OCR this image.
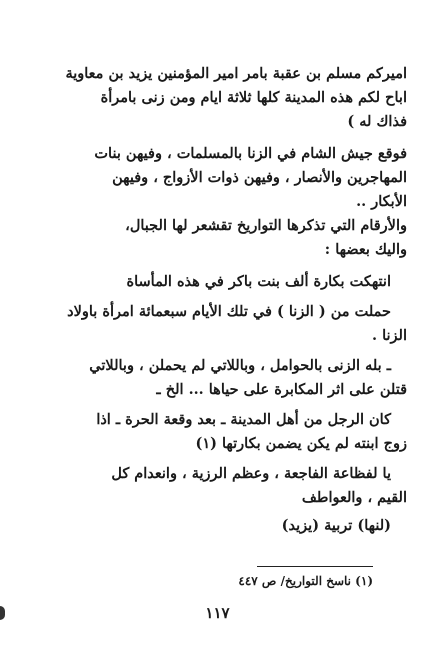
اميركم مسلم بن عقبة بامر امير المؤمنين يزيد بن معاوية
اباح لكم هذه المدينة كلها ثلاثة ايام ومن زنى بامرأة
فذاك له )
فوقع جيش الشام في الزنا بالمسلمات ، وفيهن بنات
المهاجرين والأنصار ، وفيهن ذوات الأزواج ، وفيهن
الأبكار ..
والأرقام التي تذكرها التواريخ تقشعر لها الجبال،
واليك بعضها :
انتهكت بكارة ألف بنت باكر في هذه المأساة
حملت من ( الزنا ) في تلك الأيام سبعمائة امرأة باولاد
الزنا .
ـ بله الزنى بالحوامل ، وباللاتي لم يحملن ، وباللاتي
قتلن على اثر المكابرة على حياها ... الخ ـ
كان الرجل من أهل المدينة ـ بعد وقعة الحرة ـ اذا
زوج ابنته لم يكن يضمن بكارتها (١)
يا لفظاعة الفاجعة ، وعظم الرزية ، وانعدام كل
القيم ، والعواطف
(لنها) تربية (يزيد)
(١) ناسخ التواريخ/ ص ٤٤٧
١١٧
